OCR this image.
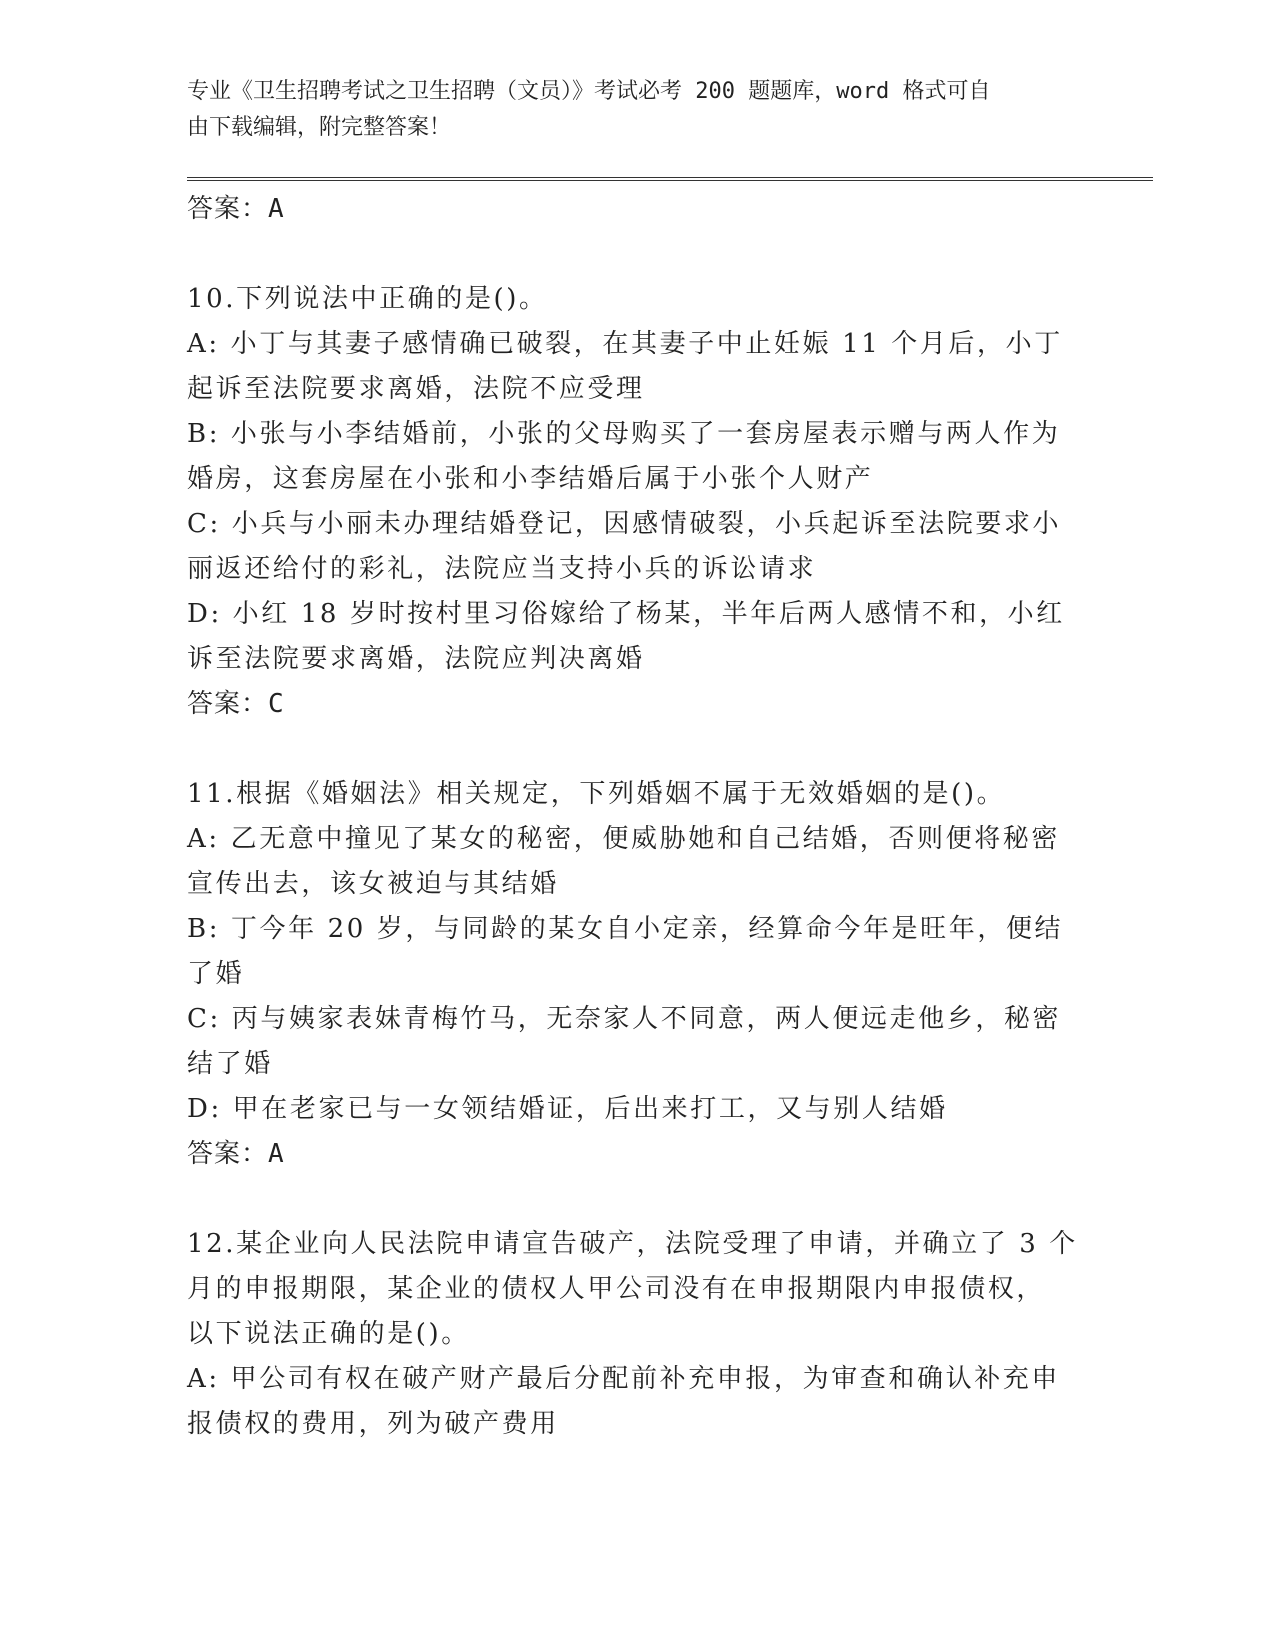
专业《卫生招聘考试之卫生招聘（文员）》考试必考 200 题题库，word 格式可自
由下载编辑，附完整答案！
答案：A
10.下列说法中正确的是()。
A: 小丁与其妻子感情确已破裂，在其妻子中止妊娠 11 个月后，小丁
起诉至法院要求离婚，法院不应受理
B: 小张与小李结婚前，小张的父母购买了一套房屋表示赠与两人作为
婚房，这套房屋在小张和小李结婚后属于小张个人财产
C: 小兵与小丽未办理结婚登记，因感情破裂，小兵起诉至法院要求小
丽返还给付的彩礼，法院应当支持小兵的诉讼请求
D: 小红 18 岁时按村里习俗嫁给了杨某，半年后两人感情不和，小红
诉至法院要求离婚，法院应判决离婚
答案：C
11.根据《婚姻法》相关规定，下列婚姻不属于无效婚姻的是()。
A: 乙无意中撞见了某女的秘密，便威胁她和自己结婚，否则便将秘密
宣传出去，该女被迫与其结婚
B: 丁今年 20 岁，与同龄的某女自小定亲，经算命今年是旺年，便结
了婚
C: 丙与姨家表妹青梅竹马，无奈家人不同意，两人便远走他乡，秘密
结了婚
D: 甲在老家已与一女领结婚证，后出来打工，又与别人结婚
答案：A
12.某企业向人民法院申请宣告破产，法院受理了申请，并确立了 3 个
月的申报期限，某企业的债权人甲公司没有在申报期限内申报债权，
以下说法正确的是()。
A: 甲公司有权在破产财产最后分配前补充申报，为审查和确认补充申
报债权的费用，列为破产费用
